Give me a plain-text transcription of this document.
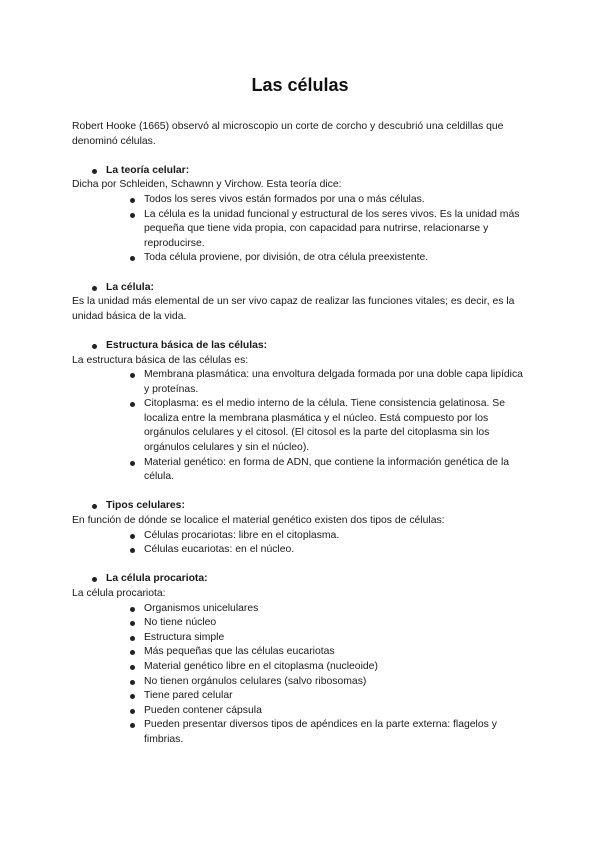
Las células

Robert Hooke (1665) observó al microscopio un corte de corcho y descubrió una celdillas que denominó células.

La teoría celular:

Dicha por Schleiden, Schawnn y Virchow. Esta teoría dice:

Todos los seres vivos están formados por una o más células.
La célula es la unidad funcional y estructural de los seres vivos. Es la unidad más pequeña que tiene vida propia, con capacidad para nutrirse, relacionarse y reproducirse.
Toda célula proviene, por división, de otra célula preexistente.
La célula:

Es la unidad más elemental de un ser vivo capaz de realizar las funciones vitales; es decir, es la unidad básica de la vida.

Estructura básica de las células:

La estructura básica de las células es:

Membrana plasmática: una envoltura delgada formada por una doble capa lipídica y proteínas.
Citoplasma: es el medio interno de la célula. Tiene consistencia gelatinosa. Se localiza entre la membrana plasmática y el núcleo. Está compuesto por los orgánulos celulares y el citosol. (El citosol es la parte del citoplasma sin los orgánulos celulares y sin el núcleo).
Material genético: en forma de ADN, que contiene la información genética de la célula.
Tipos celulares:

En función de dónde se localice el material genético existen dos tipos de células:

Células procariotas: libre en el citoplasma.
Células eucariotas: en el núcleo.
La célula procariota:

La célula procariota:

Organismos unicelulares
No tiene núcleo
Estructura simple
Más pequeñas que las células eucariotas
Material genético libre en el citoplasma (nucleoide)
No tienen orgánulos celulares (salvo ribosomas)
Tiene pared celular
Pueden contener cápsula
Pueden presentar diversos tipos de apéndices en la parte externa: flagelos y fimbrias.
